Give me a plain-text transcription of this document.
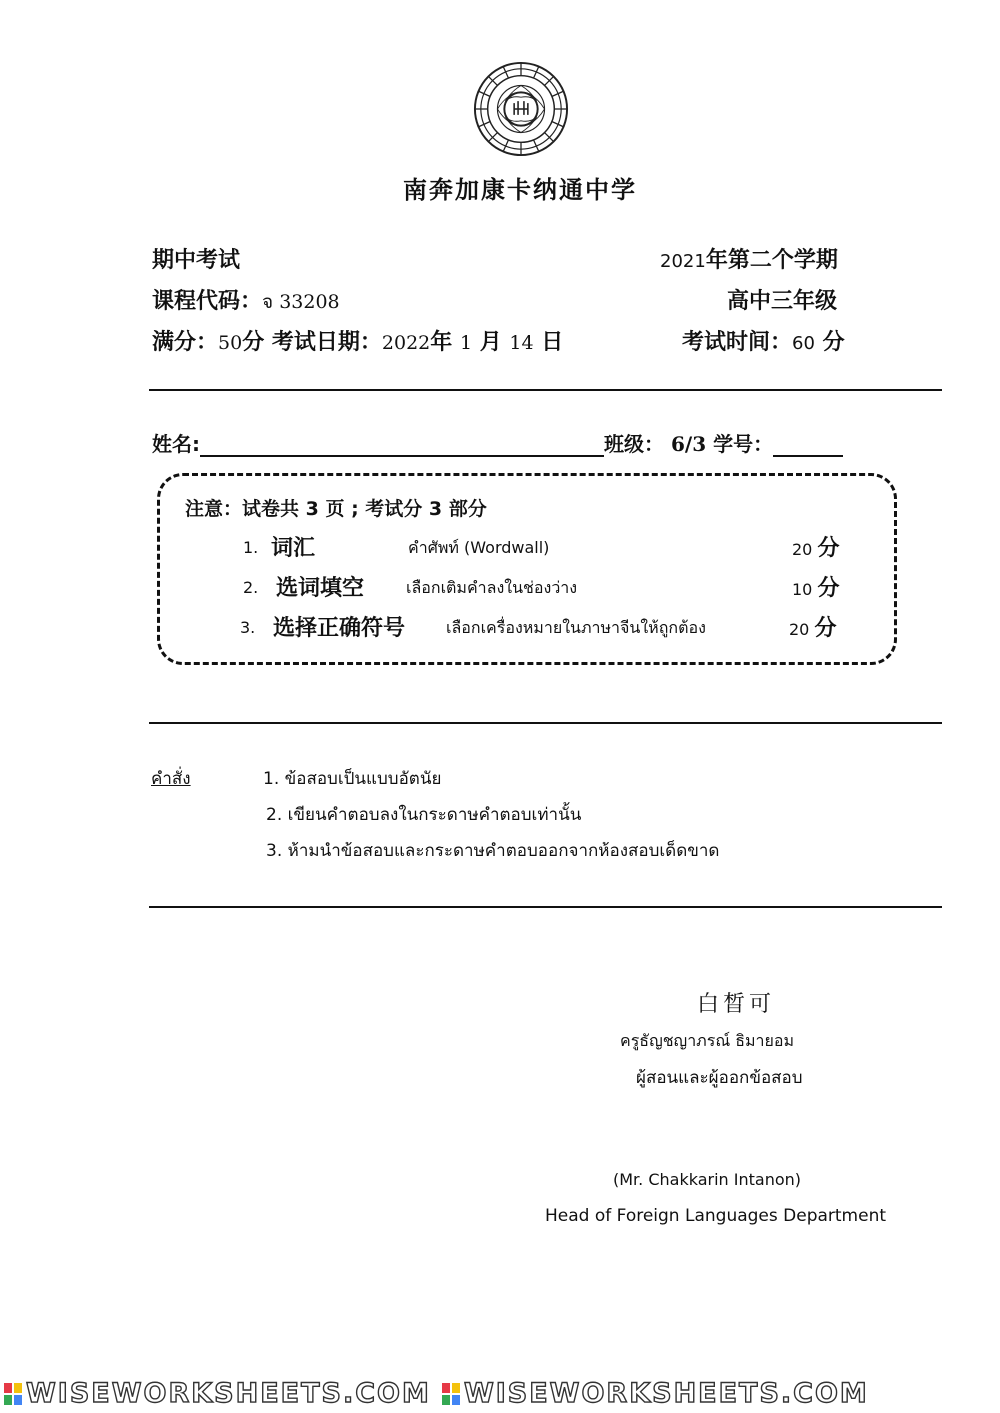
南奔加康卡纳通中学
期中考试	2021年第二个学期
课程代码：จ 33208	高中三年级
满分：50分 考试日期：2022年 1 月 14 日	考试时间：60 分
姓名:	班级： 6/3 学号：
注意：试卷共 3 页 ; 考试分 3 部分
1. 词汇	คำศัพท์ (Wordwall)	20 分
2. 选词填空	เลือกเติมคำลงในช่องว่าง	10 分
3. 选择正确符号	เลือกเครื่องหมายในภาษาจีนให้ถูกต้อง	20 分
คำสั่ง	1. ข้อสอบเป็นแบบอัตนัย
2. เขียนคำตอบลงในกระดาษคำตอบเท่านั้น
3. ห้ามนำข้อสอบและกระดาษคำตอบออกจากห้องสอบเด็ดขาด
白晳可
ครูธัญชญาภรณ์ ธิมายอม
ผู้สอนและผู้ออกข้อสอบ
(Mr. Chakkarin Intanon)
Head of Foreign Languages Department
WISEWORKSHEETS.COM WISEWORKSHEETS.COM
